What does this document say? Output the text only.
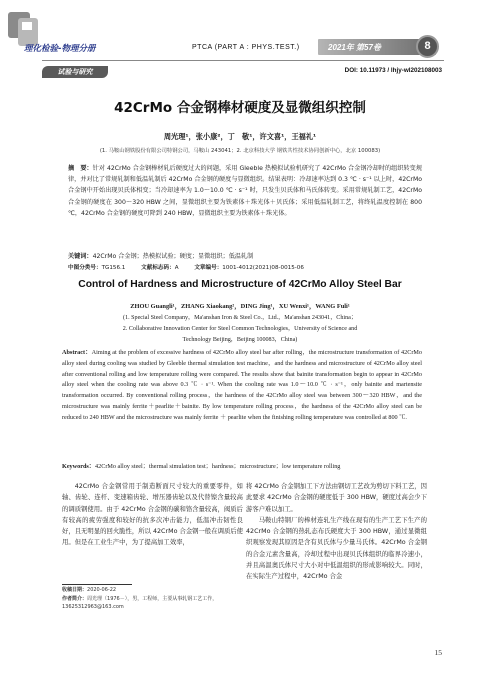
理化检验-物理分册	PTCA (PART A : PHYS.TEST.)	2021年 第57卷	8
试验与研究	DOI: 10.11973 / lhjy-wl202108003
42CrMo 合金钢棒材硬度及显微组织控制
周光理¹，张小康²，丁　敬¹，许文喜¹，王福礼¹
(1. 马鞍山钢铁股份有限公司特钢公司，马鞍山 243041；2. 北京科技大学 钢铁共性技术协同创新中心，北京 100083)
摘　要：针对 42CrMo 合金钢棒材轧后硬度过大的问题，采用 Gleeble 热模拟试验机研究了 42CrMo 合金钢冷却时的组织转变规律，并对比了常规轧制和低温轧制后 42CrMo 合金钢的硬度与显微组织。结果表明：冷却速率达到 0.3 ℃ · s⁻¹ 以上时，42CrMo 合金钢中开始出现贝氏体相变；当冷却速率为 1.0～10.0 ℃ · s⁻¹ 时，只发生贝氏体和马氏体转变。采用常规轧制工艺，42CrMo 合金钢的硬度在 300～320 HBW 之间，显微组织主要为铁素体＋珠光体＋贝氏体；采用低温轧制工艺，将终轧温度控制在 800 ℃，42CrMo 合金钢的硬度可降到 240 HBW，显微组织主要为铁素体＋珠光体。
关键词：42CrMo 合金钢；热模拟试验；硬度；显微组织；低温轧制
中图分类号：TG156.1	文献标志码：A	文章编号：1001-4012(2021)08-0015-06
Control of Hardness and Microstructure of 42CrMo Alloy Steel Bar
ZHOU Guangli¹，ZHANG Xiaokang²，DING Jing¹，XU Wenxi¹，WANG Fuli¹
(1. Special Steel Company，Ma'anshan Iron & Steel Co.，Ltd.，Ma'anshan 243041，China；
2. Collaborative Innovation Center for Steel Common Technologies，University of Science and
Technology Beijing，Beijing 100083，China)
Abstract：Aiming at the problem of excessive hardness of 42CrMo alloy steel bar after rolling，the microstructure transformation of 42CrMo alloy steel during cooling was studied by Gleeble thermal simulation test machine，and the hardness and microstructure of 42CrMo alloy steel after conventional rolling and low temperature rolling were compared. The results show that bainite transformation begin to appear in 42CrMo alloy steel when the cooling rate was above 0.3 ℃ · s⁻¹. When the cooling rate was 1.0～10.0 ℃ · s⁻¹，only bainite and martensite transformation occurred. By conventional rolling process，the hardness of the 42CrMo alloy steel was between 300～320 HBW，and the microstructure was mainly ferrite＋pearlite＋bainite. By low temperature rolling process，the hardness of the 42CrMo alloy steel can be reduced to 240 HBW and the microstructure was mainly ferrite ＋ pearlite when the finishing rolling temperature was controlled at 800 ℃.
Keywords：42CrMo alloy steel；thermal simulation test；hardness；microstructure；low temperature rolling

42CrMo 合金钢常用于制造断面尺寸较大的重要零件，如轴、齿轮、连杆、变速箱齿轮、增压器齿轮以及代替镍含量较高的调质钢使用。由于 42CrMo 合金钢的碳和铬含量较高，阀质后有较高的疲劳强度和较好的抗多次冲击能力，低温冲击韧性良好，且无明显的回火脆性，所以 42CrMo 合金钢一般在调质后使用。但是在工业生产中，为了提高加工效率，

将 42CrMo 合金钢加工下方法由钢切工艺改为剪切下料工艺，因此要求 42CrMo 合金钢的硬度低于 300 HBW，硬度过高会少下游客户难以加工。

马鞍山特钢厂的棒材连轧生产线在现有的生产工艺下生产的 42CrMo 合金钢的热轧态布氏硬度大于 300 HBW，通过显微组织观察发现其原因是含有贝氏体与少量马氏体。42CrMo 合金钢的合金元素含量高，冷却过程中出现贝氏体组织的临界冷速小，并且高温奥氏体尺寸大小对中低温组织的形成影响较大。同时，在实际生产过程中，42CrMo 合金

收稿日期：2020-06-22
作者简介：周光理（1976－），男，工程师，主要从事轧钢工艺工作，13625312963@163.com
15
